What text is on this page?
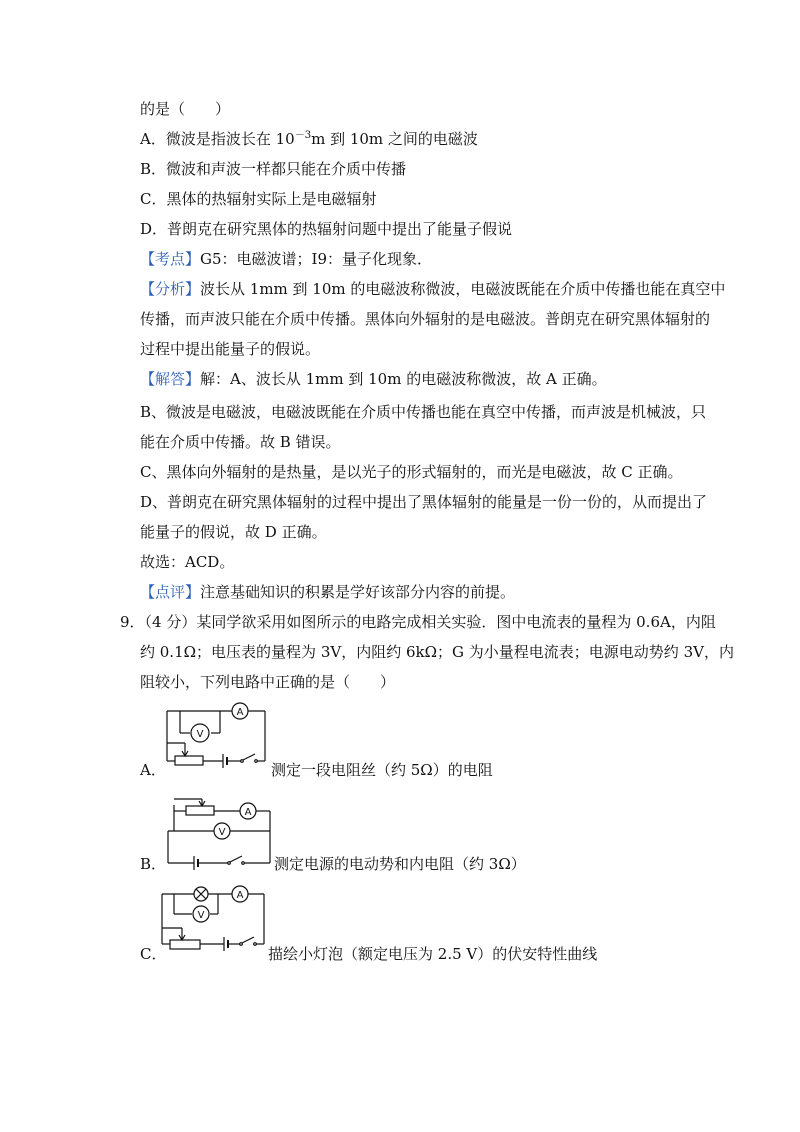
的是（　　）
A．微波是指波长在 $10^{-3}m$ 到 10m 之间的电磁波
B．微波和声波一样都只能在介质中传播
C．黑体的热辐射实际上是电磁辐射
D．普朗克在研究黑体的热辐射问题中提出了能量子假说
【考点】G5：电磁波谱；I9：量子化现象．
【分析】波长从 1mm 到 10m 的电磁波称微波，电磁波既能在介质中传播也能在真空中
传播，而声波只能在介质中传播。黑体向外辐射的是电磁波。普朗克在研究黑体辐射的
过程中提出能量子的假说。
【解答】解：A、波长从 1mm 到 10m 的电磁波称微波，故 A 正确。
B、微波是电磁波，电磁波既能在介质中传播也能在真空中传播，而声波是机械波，只
能在介质中传播。故 B 错误。
C、黑体向外辐射的是热量，是以光子的形式辐射的，而光是电磁波，故 C 正确。
D、普朗克在研究黑体辐射的过程中提出了黑体辐射的能量是一份一份的，从而提出了
能量子的假说，故 D 正确。
故选：ACD。
【点评】注意基础知识的积累是学好该部分内容的前提。
9．（4 分）某同学欲采用如图所示的电路完成相关实验．图中电流表的量程为 0.6A，内阻
约 0.1Ω；电压表的量程为 3V，内阻约 6kΩ；G 为小量程电流表；电源电动势约 3V，内
阻较小，下列电路中正确的是（　　）
A．
V
A
测定一段电阻丝（约 5Ω）的电阻
B．
A
V
测定电源的电动势和内电阻（约 3Ω）
C．
V
A
描绘小灯泡（额定电压为 2.5 V）的伏安特性曲线
